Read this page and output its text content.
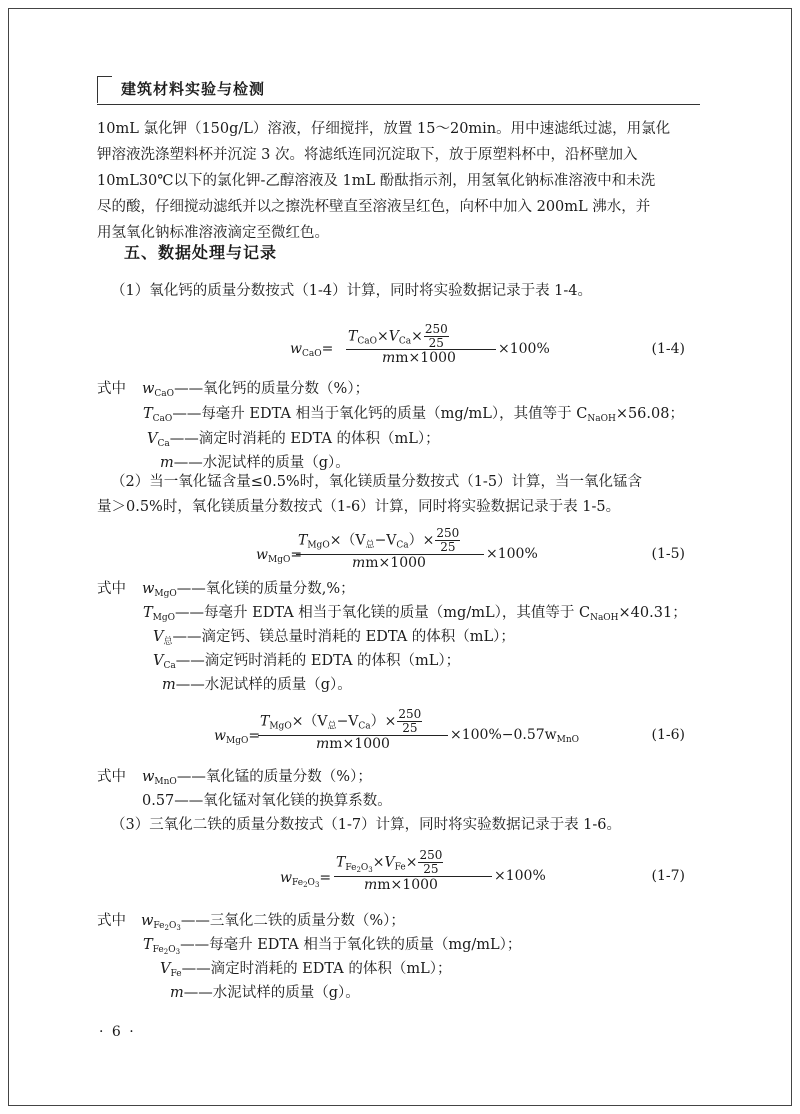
建筑材料实验与检测
10mL 氯化钾（150g/L）溶液，仔细搅拌，放置 15～20min。用中速滤纸过滤，用氯化
钾溶液洗涤塑料杯并沉淀 3 次。将滤纸连同沉淀取下，放于原塑料杯中，沿杯壁加入
10mL30℃以下的氯化钾-乙醇溶液及 1mL 酚酞指示剂，用氢氧化钠标准溶液中和未洗
尽的酸，仔细搅动滤纸并以之擦洗杯壁直至溶液呈红色，向杯中加入 200mL 沸水，并
用氢氧化钠标准溶液滴定至微红色。
五、数据处理与记录
（1）氧化钙的质量分数按式（1-4）计算，同时将实验数据记录于表 1-4。
$w_{CaO}=$
$T_{CaO}\times V_{Ca}\times \frac{250}{25}$
mm×1000
×100%	(1-4)
式中 $w_{CaO}——$氧化钙的质量分数（%）；
$T_{CaO}——$每毫升 EDTA 相当于氧化钙的质量（mg/mL），其值等于 $C_{NaOH}\times 56.08$；
$V_{Ca}——$滴定时消耗的 EDTA 的体积（mL）；
m——水泥试样的质量（g）。
（2）当一氧化锰含量≤0.5%时，氧化镁质量分数按式（1-5）计算，当一氧化锰含
量＞0.5%时，氧化镁质量分数按式（1-6）计算，同时将实验数据记录于表 1-5。
$w_{MgO}=$
$T_{MgO}\times(V_总-V_{Ca})\times \frac{250}{25}$
mm×1000
×100%	(1-5)
式中 $w_{MgO}——$氧化镁的质量分数,%；
$T_{MgO}——$每毫升 EDTA 相当于氧化镁的质量（mg/mL），其值等于 $C_{NaOH}\times 40.31$；
$V_总——$滴定钙、镁总量时消耗的 EDTA 的体积（mL）；
$V_{Ca}——$滴定钙时消耗的 EDTA 的体积（mL）；
m——水泥试样的质量（g）。
$w_{MgO}=$
$T_{MgO}\times(V_总-V_{Ca})\times \frac{250}{25}$
mm×1000
$\times 100\%-0.57w_{MnO}$	(1-6)
式中 $w_{MnO}——$氧化锰的质量分数（%）；
0.57——氧化锰对氧化镁的换算系数。
（3）三氧化二铁的质量分数按式（1-7）计算，同时将实验数据记录于表 1-6。
$w_{Fe_2O_3}=$
$T_{Fe_2O_3}\times V_{Fe}\times \frac{250}{25}$
mm×1000
×100%	(1-7)
式中 $w_{Fe_2O_3}——$三氧化二铁的质量分数（%）；
$T_{Fe_2O_3}——$每毫升 EDTA 相当于氧化铁的质量（mg/mL）；
$V_{Fe}——$滴定时消耗的 EDTA 的体积（mL）；
m——水泥试样的质量（g）。
· 6 ·
